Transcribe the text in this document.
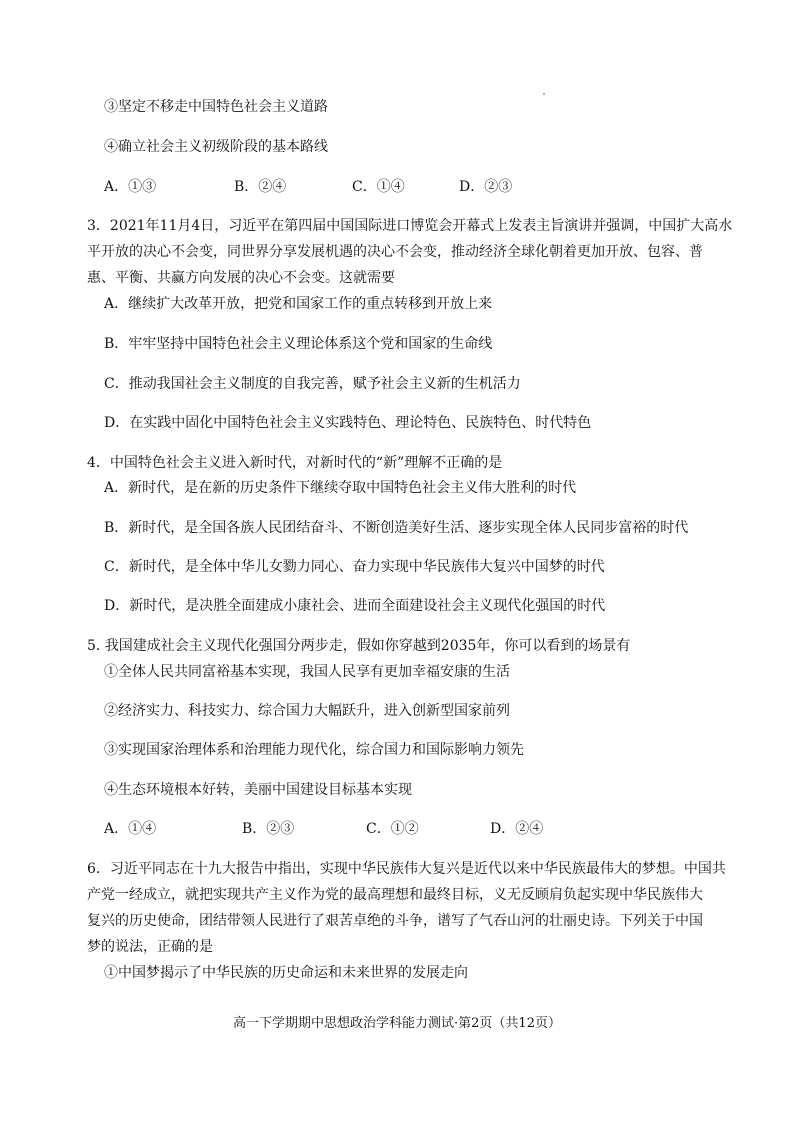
③坚定不移走中国特色社会主义道路
④确立社会主义初级阶段的基本路线
A．①③	B．②④	C．①④	D．②③
3．2021年11月4日，习近平在第四届中国国际进口博览会开幕式上发表主旨演讲并强调，中国扩大高水
平开放的决心不会变，同世界分享发展机遇的决心不会变，推动经济全球化朝着更加开放、包容、普
惠、平衡、共赢方向发展的决心不会变。这就需要
A．继续扩大改革开放，把党和国家工作的重点转移到开放上来
B．牢牢坚持中国特色社会主义理论体系这个党和国家的生命线
C．推动我国社会主义制度的自我完善，赋予社会主义新的生机活力
D．在实践中固化中国特色社会主义实践特色、理论特色、民族特色、时代特色
4．中国特色社会主义进入新时代，对新时代的“新”理解不正确的是
A．新时代，是在新的历史条件下继续夺取中国特色社会主义伟大胜利的时代
B．新时代，是全国各族人民团结奋斗、不断创造美好生活、逐步实现全体人民同步富裕的时代
C．新时代，是全体中华儿女勠力同心、奋力实现中华民族伟大复兴中国梦的时代
D．新时代，是决胜全面建成小康社会、进而全面建设社会主义现代化强国的时代
5. 我国建成社会主义现代化强国分两步走，假如你穿越到2035年，你可以看到的场景有
①全体人民共同富裕基本实现，我国人民享有更加幸福安康的生活
②经济实力、科技实力、综合国力大幅跃升，进入创新型国家前列
③实现国家治理体系和治理能力现代化，综合国力和国际影响力领先
④生态环境根本好转，美丽中国建设目标基本实现
A．①④	B．②③	C．①②	D．②④
6．习近平同志在十九大报告中指出，实现中华民族伟大复兴是近代以来中华民族最伟大的梦想。中国共
产党一经成立，就把实现共产主义作为党的最高理想和最终目标，义无反顾肩负起实现中华民族伟大
复兴的历史使命，团结带领人民进行了艰苦卓绝的斗争，谱写了气吞山河的壮丽史诗。下列关于中国
梦的说法，正确的是
①中国梦揭示了中华民族的历史命运和未来世界的发展走向
高一下学期期中思想政治学科能力测试·第2页（共12页）
